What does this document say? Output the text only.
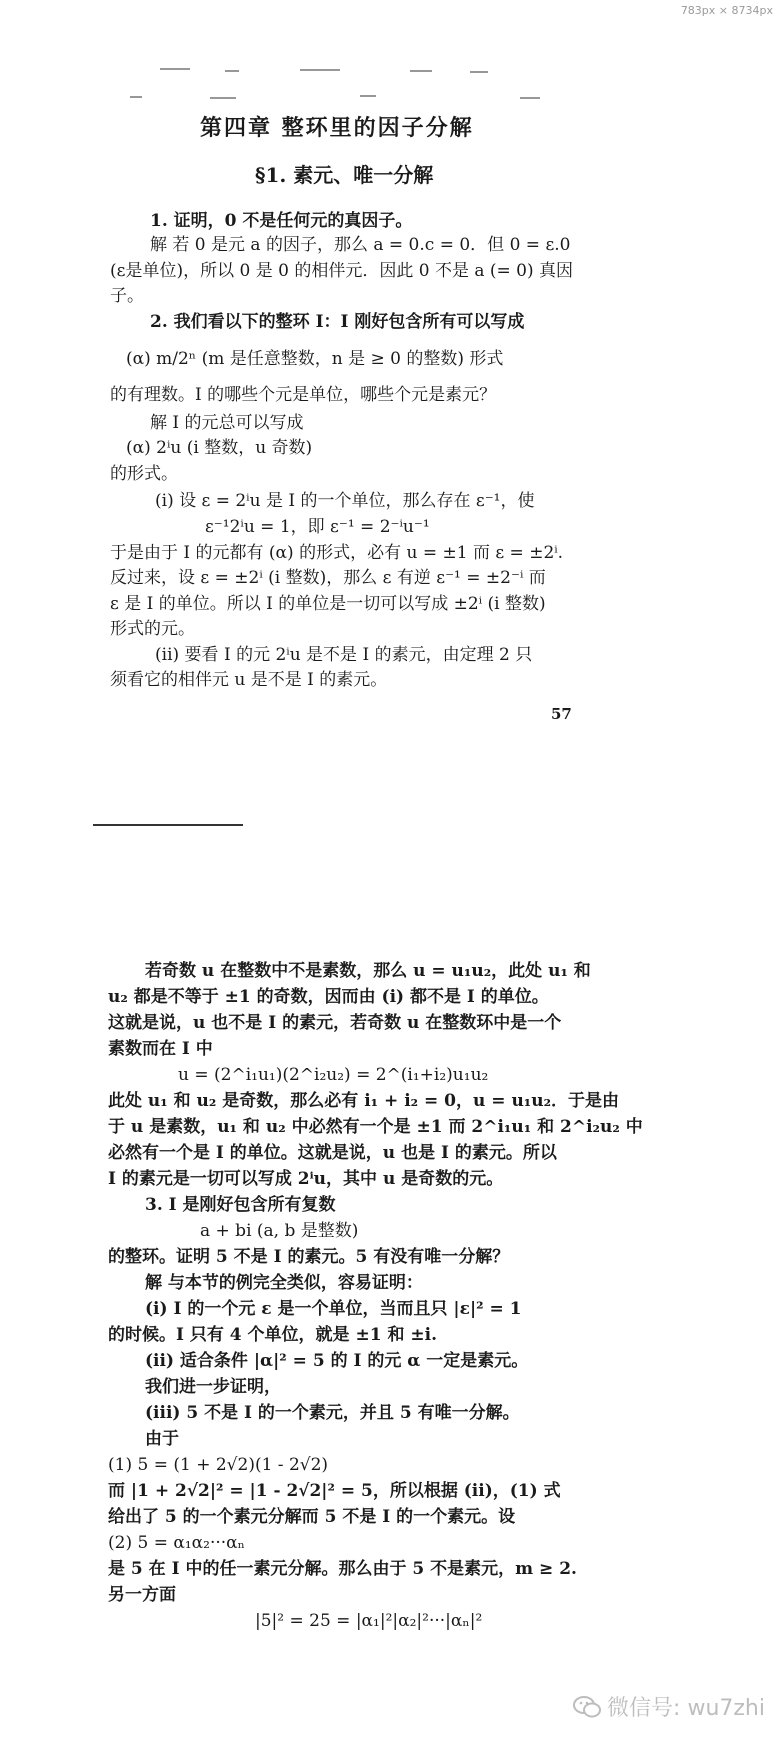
783px × 8734px
第四章 整环里的因子分解
§1. 素元、唯一分解
1. 证明，0 不是任何元的真因子。
解 若 0 是元 a 的因子，那么 a = 0.c = 0．但 0 = ε.0
(ε是单位)，所以 0 是 0 的相伴元．因此 0 不是 a (= 0) 真因
子。
2. 我们看以下的整环 I：I 刚好包含所有可以写成
(α) m/2ⁿ (m 是任意整数，n 是 ≥ 0 的整数) 形式
的有理数。I 的哪些个元是单位，哪些个元是素元？
解 I 的元总可以写成
(α) 2ⁱu (i 整数，u 奇数)
的形式。
(i) 设 ε = 2ⁱu 是 I 的一个单位，那么存在 ε⁻¹，使
ε⁻¹2ⁱu = 1，即 ε⁻¹ = 2⁻ⁱu⁻¹
于是由于 I 的元都有 (α) 的形式，必有 u = ±1 而 ε = ±2ⁱ.
反过来，设 ε = ±2ⁱ (i 整数)，那么 ε 有逆 ε⁻¹ = ±2⁻ⁱ 而
ε 是 I 的单位。所以 I 的单位是一切可以写成 ±2ⁱ (i 整数)
形式的元。
(ii) 要看 I 的元 2ⁱu 是不是 I 的素元，由定理 2 只
须看它的相伴元 u 是不是 I 的素元。
57
若奇数 u 在整数中不是素数，那么 u = u₁u₂，此处 u₁ 和
u₂ 都是不等于 ±1 的奇数，因而由 (i) 都不是 I 的单位。
这就是说，u 也不是 I 的素元，若奇数 u 在整数环中是一个
素数而在 I 中
u = (2^i₁u₁)(2^i₂u₂) = 2^(i₁+i₂)u₁u₂
此处 u₁ 和 u₂ 是奇数，那么必有 i₁ + i₂ = 0，u = u₁u₂．于是由
于 u 是素数，u₁ 和 u₂ 中必然有一个是 ±1 而 2^i₁u₁ 和 2^i₂u₂ 中
必然有一个是 I 的单位。这就是说，u 也是 I 的素元。所以
I 的素元是一切可以写成 2ⁱu，其中 u 是奇数的元。
3. I 是刚好包含所有复数
a + bi (a, b 是整数)
的整环。证明 5 不是 I 的素元。5 有没有唯一分解？
解 与本节的例完全类似，容易证明：
(i) I 的一个元 ε 是一个单位，当而且只 |ε|² = 1
的时候。I 只有 4 个单位，就是 ±1 和 ±i.
(ii) 适合条件 |α|² = 5 的 I 的元 α 一定是素元。
我们进一步证明，
(iii) 5 不是 I 的一个素元，并且 5 有唯一分解。
由于
(1) 5 = (1 + 2√2)(1 - 2√2)
而 |1 + 2√2|² = |1 - 2√2|² = 5，所以根据 (ii)，(1) 式
给出了 5 的一个素元分解而 5 不是 I 的一个素元。设
(2) 5 = α₁α₂···αₙ
是 5 在 I 中的任一素元分解。那么由于 5 不是素元，m ≥ 2.
另一方面
|5|² = 25 = |α₁|²|α₂|²···|αₙ|²
微信号: wu7zhi
